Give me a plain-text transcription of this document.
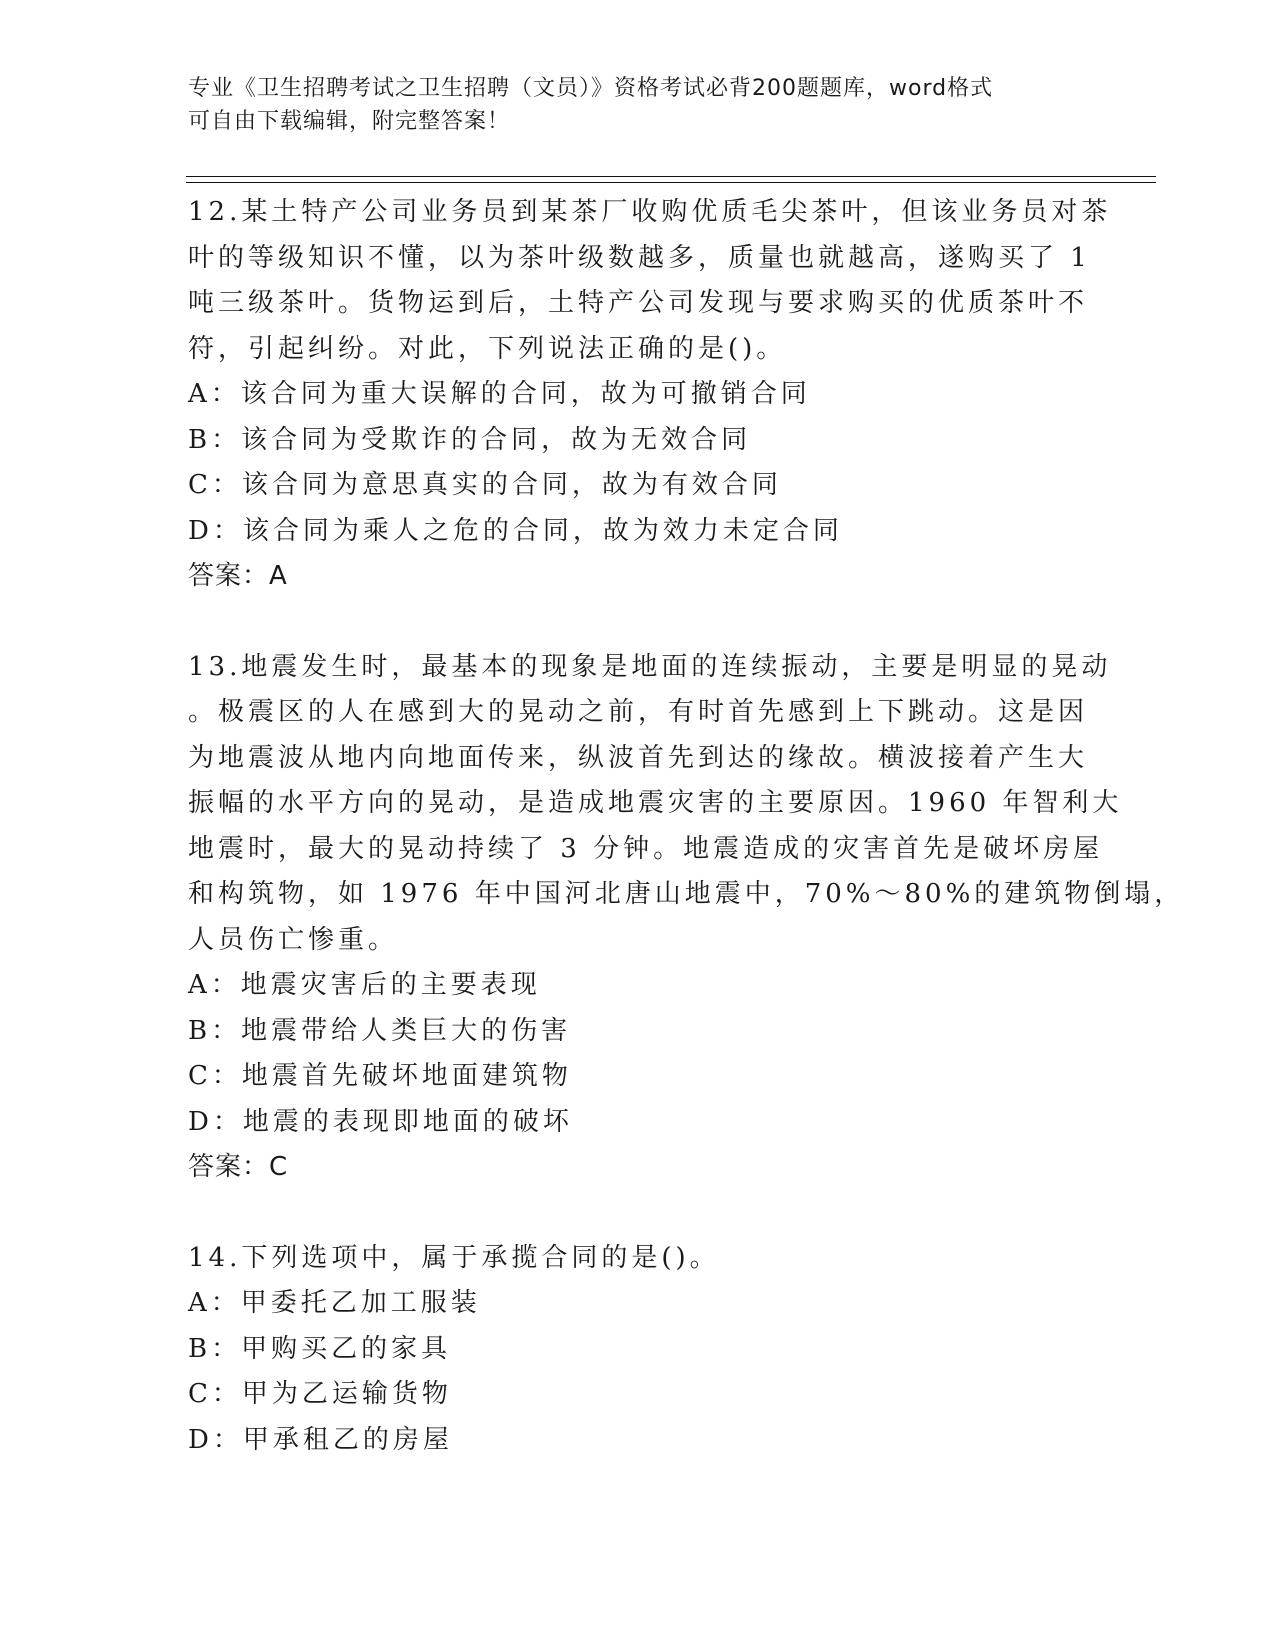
专业《卫生招聘考试之卫生招聘（文员）》资格考试必背200题题库，word格式
可自由下载编辑，附完整答案！
12.某土特产公司业务员到某茶厂收购优质毛尖茶叶，但该业务员对茶
叶的等级知识不懂，以为茶叶级数越多，质量也就越高，遂购买了 1
吨三级茶叶。货物运到后，土特产公司发现与要求购买的优质茶叶不
符，引起纠纷。对此，下列说法正确的是()。
A：该合同为重大误解的合同，故为可撤销合同
B：该合同为受欺诈的合同，故为无效合同
C：该合同为意思真实的合同，故为有效合同
D：该合同为乘人之危的合同，故为效力未定合同
答案：A
13.地震发生时，最基本的现象是地面的连续振动，主要是明显的晃动
。极震区的人在感到大的晃动之前，有时首先感到上下跳动。这是因
为地震波从地内向地面传来，纵波首先到达的缘故。横波接着产生大
振幅的水平方向的晃动，是造成地震灾害的主要原因。1960 年智利大
地震时，最大的晃动持续了 3 分钟。地震造成的灾害首先是破坏房屋
和构筑物，如 1976 年中国河北唐山地震中，70%～80%的建筑物倒塌，
人员伤亡惨重。
A：地震灾害后的主要表现
B：地震带给人类巨大的伤害
C：地震首先破坏地面建筑物
D：地震的表现即地面的破坏
答案：C
14.下列选项中，属于承揽合同的是()。
A：甲委托乙加工服装
B：甲购买乙的家具
C：甲为乙运输货物
D：甲承租乙的房屋
